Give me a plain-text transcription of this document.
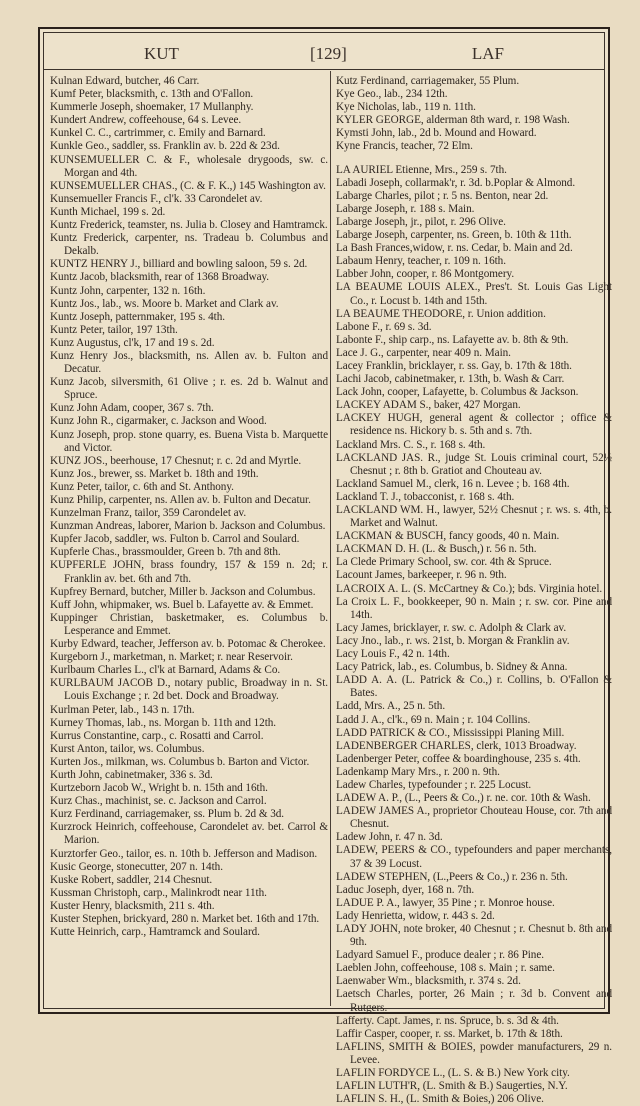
KUT	[129]	LAF

Kulnan Edward, butcher, 46 Carr.

Kumf Peter, blacksmith, c. 13th and O'Fallon.

Kummerle Joseph, shoemaker, 17 Mullanphy.

Kundert Andrew, coffeehouse, 64 s. Levee.

Kunkel C. C., cartrimmer, c. Emily and Barnard.

Kunkle Geo., saddler, ss. Franklin av. b. 22d & 23d.

KUNSEMUELLER C. & F., wholesale drygoods, sw. c. Morgan and 4th.

KUNSEMUELLER CHAS., (C. & F. K.,) 145 Washington av.

Kunsemueller Francis F., cl'k. 33 Carondelet av.

Kunth Michael, 199 s. 2d.

Kuntz Frederick, teamster, ns. Julia b. Closey and Hamtramck.

Kuntz Frederick, carpenter, ns. Tradeau b. Columbus and Dekalb.

KUNTZ HENRY J., billiard and bowling saloon, 59 s. 2d.

Kuntz Jacob, blacksmith, rear of 1368 Broadway.

Kuntz John, carpenter, 132 n. 16th.

Kuntz Jos., lab., ws. Moore b. Market and Clark av.

Kuntz Joseph, patternmaker, 195 s. 4th.

Kuntz Peter, tailor, 197 13th.

Kunz Augustus, cl'k, 17 and 19 s. 2d.

Kunz Henry Jos., blacksmith, ns. Allen av. b. Fulton and Decatur.

Kunz Jacob, silversmith, 61 Olive ; r. es. 2d b. Walnut and Spruce.

Kunz John Adam, cooper, 367 s. 7th.

Kunz John R., cigarmaker, c. Jackson and Wood.

Kunz Joseph, prop. stone quarry, es. Buena Vista b. Marquette and Victor.

KUNZ JOS., beerhouse, 17 Chesnut; r. c. 2d and Myrtle.

Kunz Jos., brewer, ss. Market b. 18th and 19th.

Kunz Peter, tailor, c. 6th and St. Anthony.

Kunz Philip, carpenter, ns. Allen av. b. Fulton and Decatur.

Kunzelman Franz, tailor, 359 Carondelet av.

Kunzman Andreas, laborer, Marion b. Jackson and Columbus.

Kupfer Jacob, saddler, ws. Fulton b. Carrol and Soulard.

Kupferle Chas., brassmoulder, Green b. 7th and 8th.

KUPFERLE JOHN, brass foundry, 157 & 159 n. 2d; r. Franklin av. bet. 6th and 7th.

Kupfrey Bernard, butcher, Miller b. Jackson and Columbus.

Kuff John, whipmaker, ws. Buel b. Lafayette av. & Emmet.

Kuppinger Christian, basketmaker, es. Columbus b. Lesperance and Emmet.

Kurby Edward, teacher, Jefferson av. b. Potomac & Cherokee.

Kurgeborn J., marketman, n. Market; r. near Reservoir.

Kurlbaum Charles L., cl'k at Barnard, Adams & Co.

KURLBAUM JACOB D., notary public, Broadway in n. St. Louis Exchange ; r. 2d bet. Dock and Broadway.

Kurlman Peter, lab., 143 n. 17th.

Kurney Thomas, lab., ns. Morgan b. 11th and 12th.

Kurrus Constantine, carp., c. Rosatti and Carrol.

Kurst Anton, tailor, ws. Columbus.

Kurten Jos., milkman, ws. Columbus b. Barton and Victor.

Kurth John, cabinetmaker, 336 s. 3d.

Kurtzeborn Jacob W., Wright b. n. 15th and 16th.

Kurz Chas., machinist, se. c. Jackson and Carrol.

Kurz Ferdinand, carriagemaker, ss. Plum b. 2d & 3d.

Kurzrock Heinrich, coffeehouse, Carondelet av. bet. Carrol & Marion.

Kurztorfer Geo., tailor, es. n. 10th b. Jefferson and Madison.

Kusic George, stonecutter, 207 n. 14th.

Kuske Robert, saddler, 214 Chesnut.

Kussman Christoph, carp., Malinkrodt near 11th.

Kuster Henry, blacksmith, 211 s. 4th.

Kuster Stephen, brickyard, 280 n. Market bet. 16th and 17th.

Kutte Heinrich, carp., Hamtramck and Soulard.

Kutz Ferdinand, carriagemaker, 55 Plum.

Kye Geo., lab., 234 12th.

Kye Nicholas, lab., 119 n. 11th.

KYLER GEORGE, alderman 8th ward, r. 198 Wash.

Kymsti John, lab., 2d b. Mound and Howard.

Kyne Francis, teacher, 72 Elm.

LA AURIEL Etienne, Mrs., 259 s. 7th.

Labadi Joseph, collarmak'r, r. 3d. b.Poplar & Almond.

Labarge Charles, pilot ; r. 5 ns. Benton, near 2d.

Labarge Joseph, r. 188 s. Main.

Labarge Joseph, jr., pilot, r. 296 Olive.

Labarge Joseph, carpenter, ns. Green, b. 10th & 11th.

La Bash Frances,widow, r. ns. Cedar, b. Main and 2d.

Labaum Henry, teacher, r. 109 n. 16th.

Labber John, cooper, r. 86 Montgomery.

LA BEAUME LOUIS ALEX., Pres't. St. Louis Gas Light Co., r. Locust b. 14th and 15th.

LA BEAUME THEODORE, r. Union addition.

Labone F., r. 69 s. 3d.

Labonte F., ship carp., ns. Lafayette av. b. 8th & 9th.

Lace J. G., carpenter, near 409 n. Main.

Lacey Franklin, bricklayer, r. ss. Gay, b. 17th & 18th.

Lachi Jacob, cabinetmaker, r. 13th, b. Wash & Carr.

Lack John, cooper, Lafayette, b. Columbus & Jackson.

LACKEY ADAM S., baker, 427 Morgan.

LACKEY HUGH, general agent & collector ; office & residence ns. Hickory b. s. 5th and s. 7th.

Lackland Mrs. C. S., r. 168 s. 4th.

LACKLAND JAS. R., judge St. Louis criminal court, 52½ Chesnut ; r. 8th b. Gratiot and Chouteau av.

Lackland Samuel M., clerk, 16 n. Levee ; b. 168 4th.

Lackland T. J., tobacconist, r. 168 s. 4th.

LACKLAND WM. H., lawyer, 52½ Chesnut ; r. ws. s. 4th, b. Market and Walnut.

LACKMAN & BUSCH, fancy goods, 40 n. Main.

LACKMAN D. H. (L. & Busch,) r. 56 n. 5th.

La Clede Primary School, sw. cor. 4th & Spruce.

Lacount James, barkeeper, r. 96 n. 9th.

LACROIX A. L. (S. McCartney & Co.); bds. Virginia hotel.

La Croix L. F., bookkeeper, 90 n. Main ; r. sw. cor. Pine and 14th.

Lacy James, bricklayer, r. sw. c. Adolph & Clark av.

Lacy Jno., lab., r. ws. 21st, b. Morgan & Franklin av.

Lacy Louis F., 42 n. 14th.

Lacy Patrick, lab., es. Columbus, b. Sidney & Anna.

LADD A. A. (L. Patrick & Co.,) r. Collins, b. O'Fallon & Bates.

Ladd, Mrs. A., 25 n. 5th.

Ladd J. A., cl'k., 69 n. Main ; r. 104 Collins.

LADD PATRICK & CO., Mississippi Planing Mill.

LADENBERGER CHARLES, clerk, 1013 Broadway.

Ladenberger Peter, coffee & boardinghouse, 235 s. 4th.

Ladenkamp Mary Mrs., r. 200 n. 9th.

Ladew Charles, typefounder ; r. 225 Locust.

LADEW A. P., (L., Peers & Co.,) r. ne. cor. 10th & Wash.

LADEW JAMES A., proprietor Chouteau House, cor. 7th and Chesnut.

Ladew John, r. 47 n. 3d.

LADEW, PEERS & CO., typefounders and paper merchants, 37 & 39 Locust.

LADEW STEPHEN, (L.,Peers & Co.,) r. 236 n. 5th.

Laduc Joseph, dyer, 168 n. 7th.

LADUE P. A., lawyer, 35 Pine ; r. Monroe house.

Lady Henrietta, widow, r. 443 s. 2d.

LADY JOHN, note broker, 40 Chesnut ; r. Chesnut b. 8th and 9th.

Ladyard Samuel F., produce dealer ; r. 86 Pine.

Laeblen John, coffeehouse, 108 s. Main ; r. same.

Laenwaber Wm., blacksmith, r. 374 s. 2d.

Laetsch Charles, porter, 26 Main ; r. 3d b. Convent and Rutgers.

Lafferty. Capt. James, r. ns. Spruce, b. s. 3d & 4th.

Laffir Casper, cooper, r. ss. Market, b. 17th & 18th.

LAFLINS, SMITH & BOIES, powder manufacturers, 29 n. Levee.

LAFLIN FORDYCE L., (L. S. & B.) New York city.

LAFLIN LUTH'R, (L. Smith & B.) Saugerties, N.Y.

LAFLIN S. H., (L. Smith & Boies,) 206 Olive.
